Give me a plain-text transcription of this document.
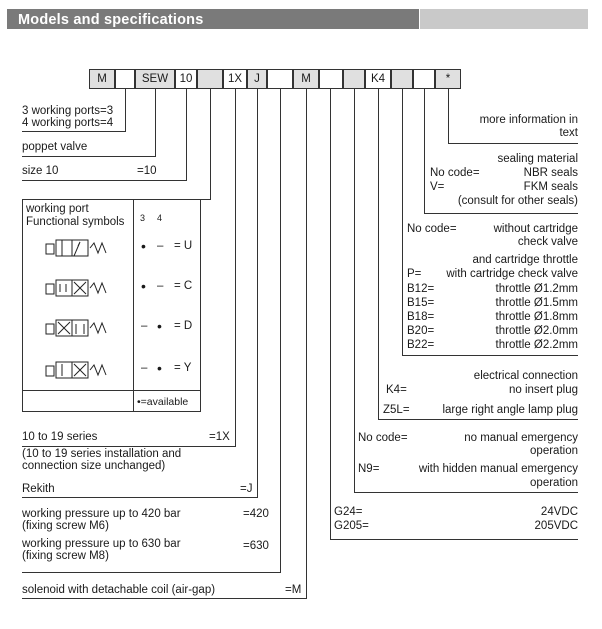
Models and specifications
M	SEW	10	1X	J	M	K4	*
3 working ports=3
4 working ports=4
poppet valve
size 10	=10
working port
Functional symbols 3 4
• – = U
• – = C
– • = D
– • = Y
•=available
10 to 19 series	=1X
(10 to 19 series installation and
connection size unchanged)
Rekith	=J
working pressure up to 420 bar
(fixing screw M6)
=420
working pressure up to 630 bar
(fixing screw M8)
=630
solenoid with detachable coil (air-gap)	=M
more information in
text
sealing material
No code=	NBR seals
V=	FKM seals
(consult for other seals)
No code=	without cartridge
check valve
and cartridge throttle
P= with cartridge check valve
B12=	throttle Ø1.2mm
B15=	throttle Ø1.5mm
B18=	throttle Ø1.8mm
B20=	throttle Ø2.0mm
B22=	throttle Ø2.2mm
electrical connection
K4=	no insert plug
Z5L=	large right angle lamp plug
No code=	no manual emergency
operation
N9=	with hidden manual emergency
operation
G24=	24VDC
G205=	205VDC
